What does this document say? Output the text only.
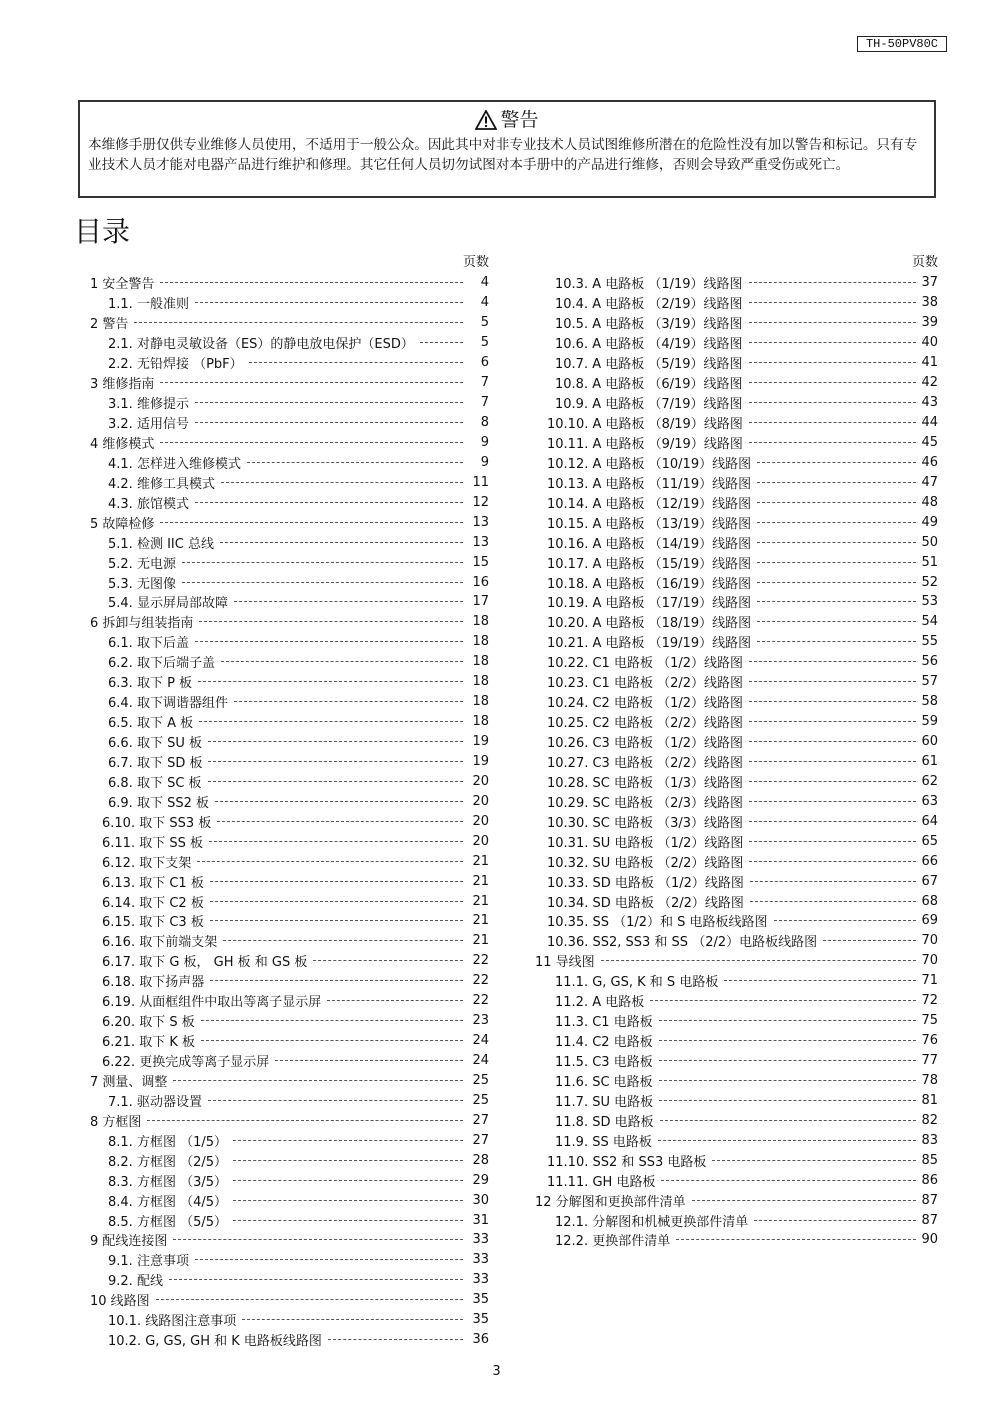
TH-50PV80C
警告
本维修手册仅供专业维修人员使用，不适用于一般公众。因此其中对非专业技术人员试图维修所潜在的危险性没有加以警告和标记。只有专业技术人员才能对电器产品进行维护和修理。其它任何人员切勿试图对本手册中的产品进行维修，否则会导致严重受伤或死亡。
目录
页数
1 安全警告	4
1.1. 一般准则	4
2 警告	5
2.1. 对静电灵敏设备（ES）的静电放电保护（ESD）	5
2.2. 无铅焊接 （PbF）	6
3 维修指南	7
3.1. 维修提示	7
3.2. 适用信号	8
4 维修模式	9
4.1. 怎样进入维修模式	9
4.2. 维修工具模式	11
4.3. 旅馆模式	12
5 故障检修	13
5.1. 检测 IIC 总线	13
5.2. 无电源	15
5.3. 无图像	16
5.4. 显示屏局部故障	17
6 拆卸与组装指南	18
6.1. 取下后盖	18
6.2. 取下后端子盖	18
6.3. 取下 P 板	18
6.4. 取下调谐器组件	18
6.5. 取下 A 板	18
6.6. 取下 SU 板	19
6.7. 取下 SD 板	19
6.8. 取下 SC 板	20
6.9. 取下 SS2 板	20
6.10. 取下 SS3 板	20
6.11. 取下 SS 板	20
6.12. 取下支架	21
6.13. 取下 C1 板	21
6.14. 取下 C2 板	21
6.15. 取下 C3 板	21
6.16. 取下前端支架	21
6.17. 取下 G 板， GH 板 和 GS 板	22
6.18. 取下扬声器	22
6.19. 从面框组件中取出等离子显示屏	22
6.20. 取下 S 板	23
6.21. 取下 K 板	24
6.22. 更换完成等离子显示屏	24
7 测量、调整	25
7.1. 驱动器设置	25
8 方框图	27
8.1. 方框图 （1/5）	27
8.2. 方框图 （2/5）	28
8.3. 方框图 （3/5）	29
8.4. 方框图 （4/5）	30
8.5. 方框图 （5/5）	31
9 配线连接图	33
9.1. 注意事项	33
9.2. 配线	33
10 线路图	35
10.1. 线路图注意事项	35
10.2. G, GS, GH 和 K 电路板线路图	36
页数
10.3. A 电路板 （1/19）线路图	37
10.4. A 电路板 （2/19）线路图	38
10.5. A 电路板 （3/19）线路图	39
10.6. A 电路板 （4/19）线路图	40
10.7. A 电路板 （5/19）线路图	41
10.8. A 电路板 （6/19）线路图	42
10.9. A 电路板 （7/19）线路图	43
10.10. A 电路板 （8/19）线路图	44
10.11. A 电路板 （9/19）线路图	45
10.12. A 电路板 （10/19）线路图	46
10.13. A 电路板 （11/19）线路图	47
10.14. A 电路板 （12/19）线路图	48
10.15. A 电路板 （13/19）线路图	49
10.16. A 电路板 （14/19）线路图	50
10.17. A 电路板 （15/19）线路图	51
10.18. A 电路板 （16/19）线路图	52
10.19. A 电路板 （17/19）线路图	53
10.20. A 电路板 （18/19）线路图	54
10.21. A 电路板 （19/19）线路图	55
10.22. C1 电路板 （1/2）线路图	56
10.23. C1 电路板 （2/2）线路图	57
10.24. C2 电路板 （1/2）线路图	58
10.25. C2 电路板 （2/2）线路图	59
10.26. C3 电路板 （1/2）线路图	60
10.27. C3 电路板 （2/2）线路图	61
10.28. SC 电路板 （1/3）线路图	62
10.29. SC 电路板 （2/3）线路图	63
10.30. SC 电路板 （3/3）线路图	64
10.31. SU 电路板 （1/2）线路图	65
10.32. SU 电路板 （2/2）线路图	66
10.33. SD 电路板 （1/2）线路图	67
10.34. SD 电路板 （2/2）线路图	68
10.35. SS （1/2）和 S 电路板线路图	69
10.36. SS2, SS3 和 SS （2/2）电路板线路图	70
11 导线图	70
11.1. G, GS, K 和 S 电路板	71
11.2. A 电路板	72
11.3. C1 电路板	75
11.4. C2 电路板	76
11.5. C3 电路板	77
11.6. SC 电路板	78
11.7. SU 电路板	81
11.8. SD 电路板	82
11.9. SS 电路板	83
11.10. SS2 和 SS3 电路板	85
11.11. GH 电路板	86
12 分解图和更换部件清单	87
12.1. 分解图和机械更换部件清单	87
12.2. 更换部件清单	90
3
